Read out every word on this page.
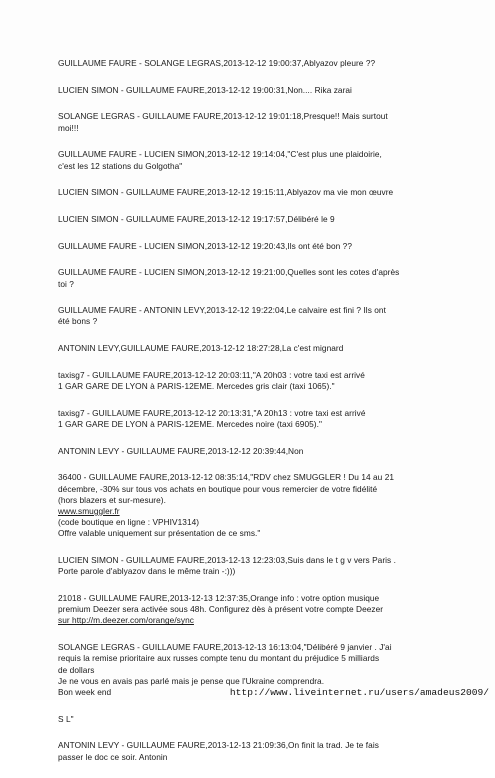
GUILLAUME FAURE - SOLANGE LEGRAS,2013-12-12 19:00:37,Ablyazov pleure ??
LUCIEN SIMON - GUILLAUME FAURE,2013-12-12 19:00:31,Non.... Rika zarai
SOLANGE LEGRAS - GUILLAUME FAURE,2013-12-12 19:01:18,Presque!! Mais surtout
moi!!!
GUILLAUME FAURE - LUCIEN SIMON,2013-12-12 19:14:04,"C'est plus une plaidoirie,
c'est les 12 stations du Golgotha"
LUCIEN SIMON - GUILLAUME FAURE,2013-12-12 19:15:11,Ablyazov ma vie mon œuvre
LUCIEN SIMON - GUILLAUME FAURE,2013-12-12 19:17:57,Délibéré le 9
GUILLAUME FAURE - LUCIEN SIMON,2013-12-12 19:20:43,Ils ont été bon ??
GUILLAUME FAURE - LUCIEN SIMON,2013-12-12 19:21:00,Quelles sont les cotes d'après
toi ?
GUILLAUME FAURE - ANTONIN LEVY,2013-12-12 19:22:04,Le calvaire est fini ? Ils ont
été bons ?
ANTONIN LEVY,GUILLAUME FAURE,2013-12-12 18:27:28,La c'est mignard
taxisg7 - GUILLAUME FAURE,2013-12-12 20:03:11,"A 20h03 : votre taxi est arrivé
1 GAR GARE DE LYON à PARIS-12EME. Mercedes gris clair (taxi 1065)."
taxisg7 - GUILLAUME FAURE,2013-12-12 20:13:31,"A 20h13 : votre taxi est arrivé
1 GAR GARE DE LYON à PARIS-12EME. Mercedes noire (taxi 6905)."
ANTONIN LEVY - GUILLAUME FAURE,2013-12-12 20:39:44,Non
36400 - GUILLAUME FAURE,2013-12-12 08:35:14,"RDV chez SMUGGLER ! Du 14 au 21
décembre, -30% sur tous vos achats en boutique pour vous remercier de votre fidélité
(hors blazers et sur-mesure).
www.smuggler.fr
(code boutique en ligne : VPHIV1314)
Offre valable uniquement sur présentation de ce sms."
LUCIEN SIMON - GUILLAUME FAURE,2013-12-13 12:23:03,Suis dans le t g v vers Paris .
Porte parole d'ablyazov dans le même train -:)))
21018 - GUILLAUME FAURE,2013-12-13 12:37:35,Orange info : votre option musique
premium Deezer sera activée sous 48h. Configurez dès à présent votre compte Deezer
sur http://m.deezer.com/orange/sync
SOLANGE LEGRAS - GUILLAUME FAURE,2013-12-13 16:13:04,"Délibéré 9 janvier . J'ai
requis la remise prioritaire aux russes compte tenu du montant du préjudice 5 milliards
de dollars
Je ne vous en avais pas parlé mais je pense que l'Ukraine comprendra.
Bon week end
S L"
ANTONIN LEVY - GUILLAUME FAURE,2013-12-13 21:09:36,On finit la trad. Je te fais
passer le doc ce soir. Antonin
http://www.liveinternet.ru/users/amadeus2009/
